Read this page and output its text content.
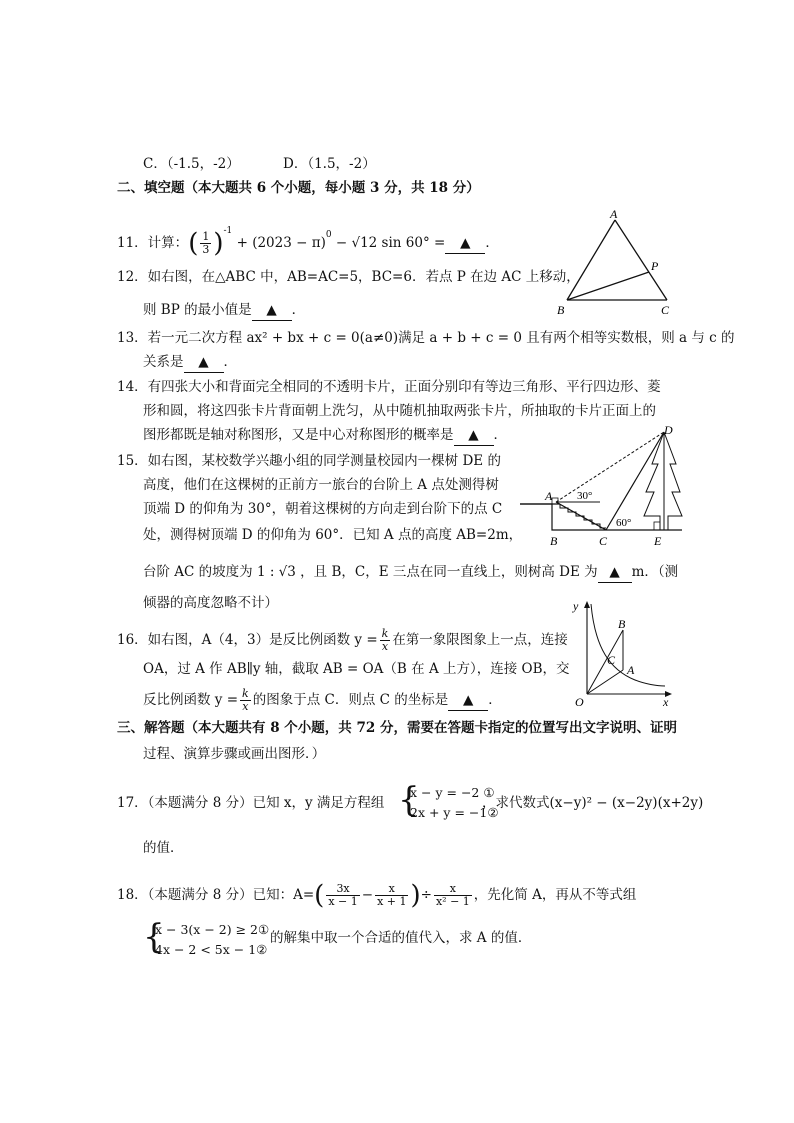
C．（-1.5，-2）	D．（1.5，-2）
二、填空题（本大题共 6 个小题，每小题 3 分，共 18 分）
11．计算：( $\frac{1}{3} )^{-1} + (2023 - \pi)^0 - √12$ sin 60° = ▲ ．
12．如右图，在△ABC 中，AB=AC=5，BC=6．若点 P 在边 AC 上移动，
则 BP 的最小值是 ▲ ．
A
B	C
P
13．若一元二次方程 ax² + bx + c = 0(a≠0)满足 a + b + c = 0 且有两个相等实数根，则 a 与 c 的
关系是 ▲ ．
14．有四张大小和背面完全相同的不透明卡片，正面分别印有等边三角形、平行四边形、菱
形和圆，将这四张卡片背面朝上洗匀，从中随机抽取两张卡片，所抽取的卡片正面上的
图形都既是轴对称图形，又是中心对称图形的概率是 ▲ ．
15．如右图，某校数学兴趣小组的同学测量校园内一棵树 DE 的
高度，他们在这棵树的正前方一旅台的台阶上 A 点处测得树
顶端 D 的仰角为 30°，朝着这棵树的方向走到台阶下的点 C
处，测得树顶端 D 的仰角为 60°．已知 A 点的高度 AB=2m，
台阶 AC 的坡度为 1 : √3 ，且 B，C，E 三点在同一直线上，则树高 DE 为 ▲ m．（测
倾器的高度忽略不计）
D
A 30°
60°
B	C	E
16．如右图，A（4，3）是反比例函数 $y = \frac{k}{x}$ 在第一象限图象上一点，连接
OA，过 A 作 AB∥y 轴，截取 AB = OA（B 在 A 上方），连接 OB，交
反比例函数 $y = \frac{k}{x}$ 的图象于点 C．则点 C 的坐标是 ▲ ．
y
x
O
B
C
A
三、解答题（本大题共有 8 个小题，共 72 分，需要在答题卡指定的位置写出文字说明、证明
过程、演算步骤或画出图形．）
17．（本题满分 8 分）已知 x，y 满足方程组 {
x − y = −2 ①
2x + y = −1②
，求代数式(x−y)² − (x−2y)(x+2y)
的值．
18．（本题满分 8 分）已知：$A=( \frac{3x}{x - 1} - \frac{x}{x + 1}$ )÷ $\frac{x}{\text{x² − 1}}$ ，先化简 A，再从不等式组
{
x − 3(x − 2) ≥ 2①
4x − 2 < 5x − 1②
的解集中取一个合适的值代入，求 A 的值．
